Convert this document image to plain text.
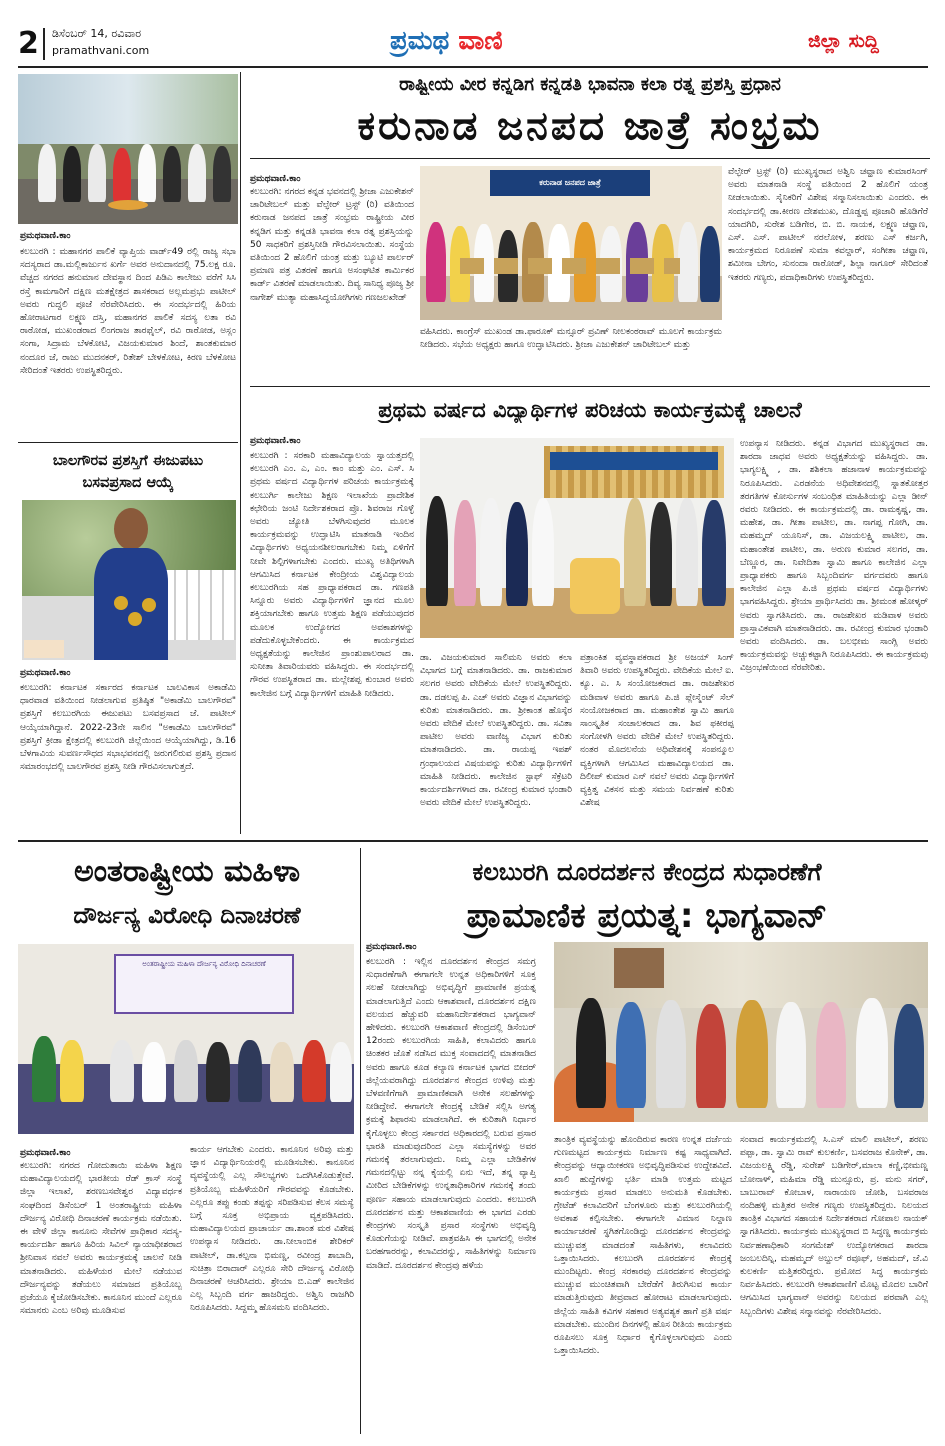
2 ಡಿಸೆಂಬರ್ 14, ರವಿವಾರ
pramathvani.com	ಪ್ರಮಥ ವಾಣಿ	ಜಿಲ್ಲಾ ಸುದ್ದಿ
ಪ್ರಮಥವಾಣಿ.ಕಾಂ
ಕಲಬುರಗಿ : ಮಹಾನಗರ ಪಾಲಿಕೆ ವ್ಯಾಪ್ತಿಯ ವಾರ್ಡ್49 ರಲ್ಲಿ ರಾಜ್ಯ ಸಭಾ ಸದಸ್ಯರಾದ ಡಾ.ಮಲ್ಲಿಕಾರ್ಜುನ ಖರ್ಗೆ ಅವರ ಅನುದಾನದಲ್ಲಿ 75.ಲಕ್ಷ ರೂ. ವೆಚ್ಚದ ನಗರದ ಹನುಮಾನ ದೇವಸ್ಥಾನ ದಿಂದ ಪಿಡಿಎ ಕಾಲೇಜು ವರೆಗೆ ಸಿಸಿ ರಸ್ತೆ ಕಾಮಗಾರಿಗೆ ದಕ್ಷಿಣ ಮತಕ್ಷೇತ್ರದ ಶಾಸಕರಾದ ಅಲ್ಲಮಪ್ರಭು ಪಾಟೀಲ್ ಅವರು ಗುದ್ದಲಿ ಪೂಜೆ ನೆರವೇರಿಸಿದರು. ಈ ಸಂದರ್ಭದಲ್ಲಿ ಹಿರಿಯ ಹೋರಾಟಗಾರ ಲಕ್ಷ್ಮಣ ದಸ್ತಿ, ಮಹಾನಗರ ಪಾಲಿಕೆ ಸದಸ್ಯ ಲತಾ ರವಿ ರಾಠೋಡ, ಮುಖಂಡರಾದ ಲಿಂಗರಾಜ ತಾರಫೈಲ್, ರವಿ ರಾಠೋಡ, ಅಸ್ಲಂ ಸಂಗಾ, ಸಿದ್ರಾಮ ಬೆಳಕೋಟಿ, ವಿಜಯಕುಮಾರ ಶಿಂದೆ, ಶಾಂತಕುಮಾರ ನಂದೂರ ಜೆ, ರಾಜು ಮುದನಕರ್, ರಿತೇಶ್ ಬೇಳಕೋಟ, ಕಿರಣ ಬೆಳಕೋಟ ಸೇರಿದಂತೆ ಇತರರು ಉಪಸ್ಥಿತರಿದ್ದರು.
ಬಾಲಗೌರವ ಪ್ರಶಸ್ತಿಗೆ ಈಜುಪಟು
ಬಸವಪ್ರಸಾದ ಆಯ್ಕೆ
ಪ್ರಮಥವಾಣಿ.ಕಾಂ
ಕಲಬುರಗಿ: ಕರ್ನಾಟಕ ಸರ್ಕಾರದ ಕರ್ನಾಟಕ ಬಾಲವಿಕಾಸ ಅಕಾಡೆಮಿ ಧಾರವಾಡ ವತಿಯಿಂದ ನೀಡಲಾಗುವ ಪ್ರತಿಷ್ಠಿತ "ಅಕಾಡೆಮಿ ಬಾಲಗೌರವ" ಪ್ರಶಸ್ತಿಗೆ ಕಲಬುರಗಿಯ ಈಜುಪಟು ಬಸವಪ್ರಸಾದ ಜೆ. ಪಾಟೀಲ್ ಆಯ್ಕೆಯಾಗಿದ್ದಾನೆ. 2022-23ನೇ ಸಾಲಿನ "ಅಕಾಡೆಮಿ ಬಾಲಗೌರವ" ಪ್ರಶಸ್ತಿಗೆ ಕ್ರೀಡಾ ಕ್ಷೇತ್ರದಲ್ಲಿ ಕಲಬುರಗಿ ಜಿಲ್ಲೆಯಿಂದ ಆಯ್ಕೆಯಾಗಿದ್ದು, ಡಿ.16 ಬೆಳಗಾವಿಯ ಸುವರ್ಣಸೌಧದ ಸಭಾಭವನದಲ್ಲಿ ಜರುಗಲಿರುವ ಪ್ರಶಸ್ತಿ ಪ್ರದಾನ ಸಮಾರಂಭದಲ್ಲಿ ಬಾಲಗೌರವ ಪ್ರಶಸ್ತಿ ನೀಡಿ ಗೌರವಿಸಲಾಗುತ್ತದೆ.
ರಾಷ್ಟ್ರೀಯ ವೀರ ಕನ್ನಡಿಗ ಕನ್ನಡತಿ ಭಾವನಾ ಕಲಾ ರತ್ನ ಪ್ರಶಸ್ತಿ ಪ್ರಧಾನ
ಕರುನಾಡ ಜನಪದ ಜಾತ್ರೆ ಸಂಭ್ರಮ
ಪ್ರಮಥವಾಣಿ.ಕಾಂ
ಕಲಬುರಗಿ: ನಗರದ ಕನ್ನಡ ಭವನದಲ್ಲಿ ಶ್ರೀಜಾ ಎಜುಕೇಶನ್ ಚಾರಿಟೇಬಲ್ ಮತ್ತು ವೆಲ್ಫೇರ್ ಟ್ರಸ್ಟ್ (ರಿ) ವತಿಯಿಂದ ಕರುನಾಡ ಜನಪದ ಜಾತ್ರೆ ಸಂಭ್ರಮ ರಾಷ್ಟ್ರೀಯ ವೀರ ಕನ್ನಡಿಗ ಮತ್ತು ಕನ್ನಡತಿ ಭಾವನಾ ಕಲಾ ರತ್ನ ಪ್ರಶಸ್ತಿಯನ್ನು 50 ಸಾಧಕರಿಗೆ ಪ್ರಶಸ್ತಿನೀಡಿ ಗೌರವಿಸಲಾಯಿತು. ಸಂಸ್ಥೆಯ ವತಿಯಿಂದ 2 ಹೊಲಿಗೆ ಯಂತ್ರ ಮತ್ತು ಬ್ಯೂಟಿ ಪಾರ್ಲರ್ ಪ್ರಮಾಣ ಪತ್ರ ವಿತರಣೆ ಹಾಗೂ ಅಸಂಘಟಿತ ಕಾರ್ಮಿಕರ ಕಾರ್ಡ್ ವಿತರಣೆ ಮಾಡಲಾಯಿತು. ದಿವ್ಯ ಸಾನಿಧ್ಯ ಪೂಜ್ಯ ಶ್ರೀ ನಾಗೇಶ್ ಮುತ್ಯಾ ಮಹಾಸಿದ್ಧಯೋಗಿಗಳು ಗಣಜಲಖೇಡ್
ಕರುನಾಡ ಜನಪದ ಜಾತ್ರೆ
ವಹಿಸಿದರು. ಕಾಂಗ್ರೆಸ್ ಮುಖಂಡ ಡಾ.ಫಾರೂಕ್ ಮನ್ಸೂರ್ ಪ್ರವಿಣ್ ನೀಲಕಂಠರಾವ್ ಮೂಲಗೆ ಕಾರ್ಯಕ್ರಮ ನೀಡಿದರು. ಸಭೆಯ ಅಧ್ಯಕ್ಷರು ಹಾಗೂ ಉದ್ಘಾಟಿಸಿದರು. ಶ್ರೀಜಾ ಎಜುಕೇಶನ್ ಚಾರಿಟೇಬಲ್ ಮತ್ತು
ವೆಲ್ಫೇರ್ ಟ್ರಸ್ಟ್ (ರಿ) ಮುಖ್ಯಸ್ಥರಾದ ಅಶ್ವಿನಿ ಚವ್ಹಾಣ ಕುಮಾರಸಿಂಗ್ ಅವರು ಮಾತನಾಡಿ ಸಂಸ್ಥೆ ವತಿಯಿಂದ 2 ಹೊಲಿಗೆ ಯಂತ್ರ ನೀಡಲಾಯಿತು. ಸೈನಿಕರಿಗೆ ವಿಶೇಷ ಸನ್ಮಾನಿಸಲಾಯಿತು ಎಂದರು. ಈ ಸಂದರ್ಭದಲ್ಲಿ ಡಾ.ಕೀರಣ ದೇಶಮುಖ, ದೊಡ್ಡಪ್ಪ ಪೂಜಾರಿ ಹೊಡಿಗೆರೆ ಯಾದಗಿರಿ, ಸುರೇಶ ಬಡಿಗೇರ, ಬಿ. ಬಿ. ನಾಯಕ, ಲಕ್ಷ್ಮಣ ಚವ್ಹಾಣ, ಎಸ್. ಎಸ್. ಪಾಟೀಲ್ ನರಲೋಳ, ಶರಣು ಎಸ್ ಕರ್ಜಗಿ, ಕಾರ್ಯಕ್ರಮದ ನಿರೂಪಣೆ ಸುಮಾ ಕವಲ್ದಾರ್, ಸಂಗೀತಾ ಚವ್ಹಾಣ, ಶಮೀನಾ ಬೇಗಂ, ಸುನಂದಾ ರಾಠೋಡ್, ಶಿಲ್ಪಾ ನಾಗೂರ್ ಸೇರಿದಂತೆ ಇತರರು ಗಣ್ಯರು, ಪದಾಧಿಕಾರಿಗಳು ಉಪಸ್ಥಿತರಿದ್ದರು.
ಪ್ರಥಮ ವರ್ಷದ ವಿದ್ಯಾರ್ಥಿಗಳ ಪರಿಚಯ ಕಾರ್ಯಕ್ರಮಕ್ಕೆ ಚಾಲನೆ
ಪ್ರಮಥವಾಣಿ.ಕಾಂ
ಕಲಬುರಗಿ : ಸರಕಾರಿ ಮಹಾವಿದ್ಯಾಲಯ ಸ್ವಾಯತ್ತದಲ್ಲಿ ಕಲಬುರಗಿ ಎಂ. ಎ, ಎಂ. ಕಾಂ ಮತ್ತು ಎಂ. ಎಸ್. ಸಿ ಪ್ರಥಮ ವರ್ಷದ ವಿದ್ಯಾರ್ಥಿಗಳ ಪರಿಚಯ ಕಾರ್ಯಕ್ರಮಕ್ಕೆ ಕಲಬುರ್ಗಿ ಕಾಲೇಜು ಶಿಕ್ಷಣ ಇಲಾಖೆಯ ಪ್ರಾದೇಶಿಕ ಕಛೇರಿಯ ಜಂಟಿ ನಿರ್ದೇಶಕರಾದ ಪ್ರೊ. ಶಿವರಾಜ ಗೊಳ್ಳೆ ಅವರು ಜ್ಯೋತಿ ಬೆಳಗಿಸುವುದರ ಮೂಲಕ ಕಾರ್ಯಕ್ರಮವನ್ನು ಉದ್ಘಾಟಿಸಿ ಮಾತನಾಡಿ ಇಂದಿನ ವಿದ್ಯಾರ್ಥಿಗಳು ಅಧ್ಯಯನಶೀಲರಾಗಬೇಕು ನಿಮ್ಮ ಏಳಿಗೆಗೆ ನೀವೇ ಶಿಲ್ಪಿಗಳಾಗಬೇಕು ಎಂದರು. ಮುಖ್ಯ ಅತಿಥಿಗಳಾಗಿ ಆಗಮಿಸಿದ ಕರ್ನಾಟಕ ಕೇಂದ್ರೀಯ ವಿಶ್ವವಿದ್ಯಾಲಯ ಕಲಬುರಗಿಯ ಸಹ ಪ್ರಾಧ್ಯಾಪಕರಾದ ಡಾ. ಗಣಪತಿ ಸಿನ್ನೂರು ಅವರು ವಿದ್ಯಾರ್ಥಿಗಳಿಗೆ ಜ್ಞಾನದ ಮೂಲ ಶಕ್ತಿಯಾಗಬೇಕು ಹಾಗೂ ಉತ್ತಮ ಶಿಕ್ಷಣ ಪಡೆಯುವುದರ ಮೂಲಕ ಉದ್ಯೋಗದ ಅವಕಾಶಗಳನ್ನು ಪಡೆದುಕೊಳ್ಳಬೇಕೆಂದರು. ಈ ಕಾರ್ಯಕ್ರಮದ ಅಧ್ಯಕ್ಷತೆಯನ್ನು ಕಾಲೇಜಿನ ಪ್ರಾಂಶುಪಾಲರಾದ ಡಾ. ಸುನೀತಾ ತಿವಾರಿಯವರು ವಹಿಸಿದ್ದರು. ಈ ಸಂದರ್ಭದಲ್ಲಿ ಗೌರವ ಉಪಸ್ಥಿತರಾದ ಡಾ. ಮಲ್ಲೇಶಪ್ಪ ಕುಂಬಾರ ಅವರು ಕಾಲೇಜಿನ ಬಗ್ಗೆ ವಿದ್ಯಾರ್ಥಿಗಳಿಗೆ ಮಾಹಿತಿ ನೀಡಿದರು.
ಡಾ. ವಿಜಯಕುಮಾರ ಸಾಲಿಮನಿ ಅವರು ಕಲಾ ವಿಭಾಗದ ಬಗ್ಗೆ ಮಾತನಾಡಿದರು. ಡಾ. ರಾಜಕುಮಾರ ಸಲಗರ ಅವರು ವೇದಿಕೆಯ ಮೇಲೆ ಉಪಸ್ಥಿತರಿದ್ದರು. ಡಾ. ದಡಲಪ್ಪ ಪಿ. ಎಚ್ ಅವರು ವಿಜ್ಞಾನ ವಿಭಾಗವನ್ನು ಕುರಿತು ಮಾತನಾಡಿದರು. ಡಾ. ಶ್ರೀಕಾಂತ ಹೊಸ್ಕೆರ ಅವರು ವೇದಿಕೆ ಮೇಲೆ ಉಪಸ್ಥಿತರಿದ್ದರು. ಡಾ. ಸವಿತಾ ಪಾಟೀಲ ಅವರು ವಾಣಿಜ್ಯ ವಿಭಾಗ ಕುರಿತು ಮಾತನಾಡಿದರು. ಡಾ. ರಾಯಪ್ಪ ಇಪಶ್ ಗ್ರಂಥಾಲಯದ ವಿಷಯವನ್ನು ಕುರಿತು ವಿದ್ಯಾರ್ಥಿಗಳಿಗೆ ಮಾಹಿತಿ ನೀಡಿದರು. ಕಾಲೇಜಿನ ಸ್ಟಾಫ್ ಸೆಕ್ರೆಟರಿ ಕಾರ್ಯದರ್ಶಿಗಳಾದ ಡಾ. ರವೀಂದ್ರ ಕುಮಾರ ಭಂಡಾರಿ ಅವರು ವೇದಿಕೆ ಮೇಲೆ ಉಪಸ್ಥಿತರಿದ್ದರು.
ಪತ್ರಾಂಕಿತ ವ್ಯವಸ್ಥಾಪಕರಾದ ಶ್ರೀ ಅಜಯ್ ಸಿಂಗ್ ತಿವಾರಿ ಅವರು ಉಪಸ್ಥಿತರಿದ್ದರು. ವೇದಿಕೆಯ ಮೇಲೆ ಐ. ಕ್ಯೂ. ಎ. ಸಿ ಸಂಯೋಜಕರಾದ ಡಾ. ರಾಜಶೇಖರ ಮಡಿವಾಳ ಅವರು ಹಾಗೂ ಪಿ.ಜಿ ಪ್ಲೇಸ್ಮೆಂಟ್ ಸೆಲ್ ಸಂಯೋಜಕರಾದ ಡಾ. ಮಹಾಂತೇಶ ಸ್ವಾಮಿ ಹಾಗೂ ಸಾಂಸ್ಕೃತಿಕ ಸಂಚಾಲಕರಾದ ಡಾ. ಶಿವ ಫಕೀರಪ್ಪ ಸಂಗೋಳಗಿ ಅವರು ವೇದಿಕೆ ಮೇಲೆ ಉಪಸ್ಥಿತರಿದ್ದರು. ನಂತರ ಮೊದಲನೆಯ ಅಧಿವೇಶನಕ್ಕೆ ಸಂಪನ್ಮೂಲ ವ್ಯಕ್ತಿಗಳಾಗಿ ಆಗಮಿಸಿದ ಮಹಾವಿದ್ಯಾಲಯದ ಡಾ. ದಿಲೀಪ್ ಕುಮಾರ ಎನ್ ನವಲೆ ಅವರು ವಿದ್ಯಾರ್ಥಿಗಳಿಗೆ ವ್ಯಕ್ತಿತ್ವ ವಿಕಸನ ಮತ್ತು ಸಮಯ ನಿರ್ವಹಣೆ ಕುರಿತು ವಿಶೇಷ
ಉಪನ್ಯಾಸ ನೀಡಿದರು. ಕನ್ನಡ ವಿಭಾಗದ ಮುಖ್ಯಸ್ಥರಾದ ಡಾ. ಶಾರದಾ ಜಾಧವ ಅವರು ಅಧ್ಯಕ್ಷತೆಯನ್ನು ವಹಿಸಿದ್ದರು. ಡಾ. ಭಾಗ್ಯಲಕ್ಷ್ಮಿ , ಡಾ. ಶಶಿಕಲಾ ಹಜಾನಾಳ ಕಾರ್ಯಕ್ರಮವನ್ನು ನಿರೂಪಿಸಿದರು. ಎರಡನೆಯ ಅಧಿವೇಶನದಲ್ಲಿ ಸ್ನಾತಕೋತ್ತರ ತರಗತಿಗಳ ಕೋರ್ಸುಗಳ ಸಂಬಂಧಿತ ಮಾಹಿತಿಯನ್ನು ಎಲ್ಲಾ ಡೀನ್ ರವರು ನೀಡಿದರು. ಈ ಕಾರ್ಯಕ್ರಮದಲ್ಲಿ ಡಾ. ರಾಮಕೃಷ್ಣ, ಡಾ. ಮಹೇಶ, ಡಾ. ಗೀತಾ ಪಾಟೀಲ, ಡಾ. ನಾಗಪ್ಪ ಗೋಗಿ, ಡಾ. ಮಹಮ್ಮದ್ ಯೂನಿಸ್, ಡಾ. ವಿಜಯಲಕ್ಷ್ಮಿ ಪಾಟೀಲ, ಡಾ. ಮಹಾಂತೇಶ ಪಾಟೀಲ, ಡಾ. ಅರುಣ ಕುಮಾರ ಸಲಗರ, ಡಾ. ಬೆಣ್ಣೂರ, ಡಾ. ನಿವೇದಿತಾ ಸ್ವಾಮಿ ಹಾಗೂ ಕಾಲೇಜಿನ ಎಲ್ಲಾ ಪ್ರಾಧ್ಯಾಪಕರು ಹಾಗೂ ಸಿಬ್ಬಂದಿವರ್ಗ ವರ್ಗದವರು ಹಾಗೂ ಕಾಲೇಜಿನ ಎಲ್ಲಾ ಪಿ.ಜಿ ಪ್ರಥಮ ವರ್ಷದ ವಿದ್ಯಾರ್ಥಿಗಳು ಭಾಗವಹಿಸಿದ್ದರು. ಶ್ರೇಯಾ ಪ್ರಾರ್ಥಿಸಿದರು ಡಾ. ಶ್ರೀಮಂತ ಹೋಳ್ಕರ್ ಅವರು ಸ್ವಾಗತಿಸಿದರು. ಡಾ. ರಾಜಶೇಖರ ಮಡಿವಾಳ ಅವರು ಪ್ರಾಸ್ತಾವಿಕವಾಗಿ ಮಾತನಾಡಿದರು. ಡಾ. ರವೀಂದ್ರ ಕುಮಾರ ಭಂಡಾರಿ ಅವರು ವಂದಿಸಿದರು. ಡಾ. ಬಲಭೀಮ ಸಾಂಗ್ಲಿ ಅವರು ಕಾರ್ಯಕ್ರಮವನ್ನು ಅಚ್ಚುಕಟ್ಟಾಗಿ ನಿರೂಪಿಸಿದರು. ಈ ಕಾರ್ಯಕ್ರಮವು ವಿಜ್ರಂಭಣೆಯಿಂದ ನೆರವೇರಿತು.
ಅಂತರಾಷ್ಟ್ರೀಯ ಮಹಿಳಾ
ದೌರ್ಜನ್ಯ ವಿರೋಧಿ ದಿನಾಚರಣೆ
ಅಂತರಾಷ್ಟ್ರೀಯ ಮಹಿಳಾ ದೌರ್ಜನ್ಯ ವಿರೋಧಿ ದಿನಾಚರಣೆ
ಪ್ರಮಥವಾಣಿ.ಕಾಂ
ಕಲಬುರಗಿ: ನಗರದ ಗೋದುತಾಯಿ ಮಹಿಳಾ ಶಿಕ್ಷಣ ಮಹಾವಿದ್ಯಾಲಯದಲ್ಲಿ ಭಾರತೀಯ ರೆಡ್ ಕ್ರಾಸ್ ಸಂಸ್ಥೆ ಜಿಲ್ಲಾ ಇಲಾಖೆ, ಶರಣಬಸವೇಶ್ವರ ವಿದ್ಯಾವರ್ಧಕ ಸಂಘದಿಂದ ಡಿಸೆಂಬರ್ 1 ಅಂತರಾಷ್ಟ್ರೀಯ ಮಹಿಳಾ ದೌರ್ಜನ್ಯ ವಿರೋಧಿ ದಿನಾಚರಣೆ ಕಾರ್ಯಕ್ರಮ ನಡೆಯಿತು. ಈ ವೇಳೆ ಜಿಲ್ಲಾ ಕಾನೂನು ಸೇವೆಗಳ ಪ್ರಾಧಿಕಾರ ಸದಸ್ಯ-ಕಾರ್ಯದರ್ಶಿ ಹಾಗೂ ಹಿರಿಯ ಸಿವಿಲ್ ನ್ಯಾಯಾಧೀಶರಾದ ಶ್ರೀನಿವಾಸ ನವಲೆ ಅವರು ಕಾರ್ಯಕ್ರಮಕ್ಕೆ ಚಾಲನೆ ನೀಡಿ ಮಾತನಾಡಿದರು. ಮಹಿಳೆಯರ ಮೇಲೆ ನಡೆಯುವ ದೌರ್ಜನ್ಯವನ್ನು ತಡೆಯಲು ಸಮಾಜದ ಪ್ರತಿಯೊಬ್ಬ ಪ್ರಜೆಯೂ ಕೈಜೋಡಿಸಬೇಕು. ಕಾನೂನಿನ ಮುಂದೆ ಎಲ್ಲರೂ ಸಮಾನರು ಎಂಬ ಅರಿವು ಮೂಡಿಸುವ
ಕಾರ್ಯ ಆಗಬೇಕು ಎಂದರು. ಕಾನೂನಿನ ಅರಿವು ಮತ್ತು ಜ್ಞಾನ ವಿದ್ಯಾರ್ಥಿನಿಯರಲ್ಲಿ ಮೂಡಿಸಬೇಕು. ಕಾನೂನಿನ ವ್ಯವಸ್ಥೆಯಲ್ಲಿ ಎಲ್ಲ ಸೌಲಭ್ಯಗಳು ಒದಗಿಸಿಕೊಡುತ್ತೇವೆ. ಪ್ರತಿಯೊಬ್ಬ ಮಹಿಳೆಯರಿಗೆ ಗೌರವವನ್ನು ಕೊಡಬೇಕು. ಎಲ್ಲರೂ ತಪ್ಪು ಕಂಡು ತಪ್ಪನ್ನು ಸರಿಪಡಿಸುವ ಕೆಲಸ ಸಮಸ್ಯೆ ಬಗ್ಗೆ ಸೂಕ್ತ ಅಭಿಪ್ರಾಯ ವ್ಯಕ್ತಪಡಿಸಿದರು. ಮಹಾವಿದ್ಯಾಲಯದ ಪ್ರಾಚಾರ್ಯ ಡಾ.ಶಾಂತ ಮಠ ವಿಶೇಷ ಉಪನ್ಯಾಸ ನೀಡಿದರು. ಡಾ.ನೀಲಾಂಬಿಕ ಶೇರಿಕರ್ ಪಾಟೀಲ್, ಡಾ.ಕಲ್ಪನಾ ಭಿಮಣ್ಣ, ರವೀಂದ್ರ ಶಾಬಾದಿ, ಸುಚಿತ್ರಾ ಬಿರಾದಾರ್ ಎಲ್ಲರೂ ಸೇರಿ ದೌರ್ಜನ್ಯ ವಿರೋಧಿ ದಿನಾಚರಣೆ ಆಚರಿಸಿದರು. ಶ್ರೇಯಾ ಬಿ.ಎಡ್ ಕಾಲೇಜಿನ ಎಲ್ಲ ಸಿಬ್ಬಂದಿ ವರ್ಗ ಹಾಜರಿದ್ದರು. ಅಶ್ವಿನಿ ರಾಜಗಿರಿ ನಿರೂಪಿಸಿದರು. ಸಿದ್ದಮ್ಮ ಹೊಸಮನಿ ವಂದಿಸಿದರು.
ಕಲಬುರಗಿ ದೂರದರ್ಶನ ಕೇಂದ್ರದ ಸುಧಾರಣೆಗೆ
ಪ್ರಾಮಾಣಿಕ ಪ್ರಯತ್ನ: ಭಾಗ್ಯವಾನ್
ಪ್ರಮಥವಾಣಿ.ಕಾಂ
ಕಲಬುರಗಿ : ಇಲ್ಲಿನ ದೂರದರ್ಶನ ಕೇಂದ್ರದ ಸಮಗ್ರ ಸುಧಾರಣೆಗಾಗಿ ಈಗಾಗಲೇ ಉನ್ನತ ಅಧಿಕಾರಿಗಳಿಗೆ ಸೂಕ್ತ ಸಲಹೆ ನೀಡಲಾಗಿದ್ದು ಅಭಿವೃದ್ಧಿಗೆ ಪ್ರಾಮಾಣಿಕ ಪ್ರಯತ್ನ ಮಾಡಲಾಗುತ್ತಿದೆ ಎಂದು ಆಕಾಶವಾಣಿ, ದೂರದರ್ಶನ ದಕ್ಷಿಣ ವಲಯದ ಹೆಚ್ಚುವರಿ ಮಹಾನಿರ್ದೇಶಕರಾದ ಭಾಗ್ಯವಾನ್ ಹೇಳಿದರು. ಕಲಬುರಗಿ ಆಕಾಶವಾಣಿ ಕೇಂದ್ರದಲ್ಲಿ ಡಿಸೆಂಬರ್ 12ರಂದು ಕಲಬುರಗಿಯ ಸಾಹಿತಿ, ಕಲಾವಿದರು ಹಾಗೂ ಚಿಂತಕರ ಜೊತೆ ನಡೆಸಿದ ಮುಕ್ತ ಸಂವಾದದಲ್ಲಿ ಮಾತನಾಡಿದ ಅವರು ಹಾಗೂ ಕೂಡ ಕಲ್ಯಾಣ ಕರ್ನಾಟಕ ಭಾಗದ ಬೀದರ್ ಜಿಲ್ಲೆಯವರಾಗಿದ್ದು ದೂರದರ್ಶನ ಕೇಂದ್ರದ ಉಳಿವು ಮತ್ತು ಬೆಳವಣಿಗೆಗಾಗಿ ಪ್ರಾಮಾಣಿಕವಾಗಿ ಅನೇಕ ಸಲಹೆಗಳನ್ನು ನೀಡಿದ್ದೇನೆ. ಈಗಾಗಲೇ ಕೇಂದ್ರಕ್ಕೆ ಬೇಡಿಕೆ ಸಲ್ಲಿಸಿ ಅಗತ್ಯ ಕ್ರಮಕ್ಕೆ ಶಿಫಾರಸು ಮಾಡಲಾಗಿದೆ. ಈ ಕುರಿತಾಗಿ ನಿರ್ಧಾರ ಕೈಗೊಳ್ಳಲು ಕೇಂದ್ರ ಸರ್ಕಾರದ ಅಧಿಕಾರದಲ್ಲಿ ಬರುವ ಪ್ರಸಾರ ಭಾರತಿ ಮಾಡುವುದರಿಂದ ಎಲ್ಲಾ ಸಮಸ್ಯೆಗಳನ್ನು ಅವರ ಗಮನಕ್ಕೆ ತರಲಾಗುವುದು. ನಿಮ್ಮ ಎಲ್ಲಾ ಬೇಡಿಕೆಗಳ ಗಮನದಲ್ಲಿಟ್ಟು ನನ್ನ ಕೈಯಲ್ಲಿ ಏನು ಇದೆ, ತನ್ನ ವ್ಯಾಪ್ತಿ ಮೀರಿದ ಬೇಡಿಕೆಗಳನ್ನು ಉನ್ನತಾಧಿಕಾರಿಗಳ ಗಮನಕ್ಕೆ ತಂದು ಪೂರ್ಣ ಸಹಾಯ ಮಾಡಲಾಗುವುದು ಎಂದರು. ಕಲಬುರಗಿ ದೂರದರ್ಶನ ಮತ್ತು ಆಕಾಶವಾಣಿಯ ಈ ಭಾಗದ ಎರಡು ಕೇಂದ್ರಗಳು ಸಂಸ್ಕೃತಿ ಪ್ರಸಾರ ಸಂಸ್ಥೆಗಳು ಅಭಿವೃದ್ಧಿ ಕೊಡುಗೆಯನ್ನು ನೀಡಿವೆ. ಪಾತ್ರವಹಿಸಿ ಈ ಭಾಗದಲ್ಲಿ ಅನೇಕ ಬರಹಗಾರರನ್ನು, ಕಲಾವಿದರನ್ನು, ಸಾಹಿತಿಗಳನ್ನು ನಿರ್ಮಾಣ ಮಾಡಿದೆ. ದೂರದರ್ಶನ ಕೇಂದ್ರವು ಹಳೆಯ
ತಾಂತ್ರಿಕ ವ್ಯವಸ್ಥೆಯನ್ನು ಹೊಂದಿರುವ ಕಾರಣ ಉನ್ನತ ದರ್ಜೆಯ ಗುಣಮಟ್ಟದ ಕಾರ್ಯಕ್ರಮ ನಿರ್ಮಾಣ ಕಷ್ಟ ಸಾಧ್ಯವಾಗಿದೆ. ಕೇಂದ್ರವನ್ನು ಆಧ್ಯಾಯೀಕರಣ ಅಭಿವೃದ್ಧಿಪಡಿಸುವ ಉದ್ದೇಶವಿದೆ. ಖಾಲಿ ಹುದ್ದೆಗಳನ್ನು ಭರ್ತಿ ಮಾಡಿ ಉತ್ತಮ ಮಟ್ಟದ ಕಾರ್ಯಕ್ರಮ ಪ್ರಸಾರ ಮಾಡಲು ಅನುಮತಿ ಕೊಡಬೇಕು. ಗ್ರೇಟೆಡ್ ಕಲಾವಿದರಿಗೆ ಬೆಂಗಳೂರು ಮತ್ತು ಕಲಬುರಗಿಯಲ್ಲಿ ಅವಕಾಶ ಕಲ್ಪಿಸಬೇಕು. ಈಗಾಗಲೇ ವಿಮಾನ ನಿಲ್ದಾಣ ಕಾರ್ಯಾಚರಣೆ ಸ್ಥಗಿತಗೊಂಡಿದ್ದು ದೂರದರ್ಶನ ಕೇಂದ್ರವನ್ನು ಮುಚ್ಚುವತ್ತ ಮಾಡದಂತೆ ಸಾಹಿತಿಗಳು, ಕಲಾವಿದರು ಒತ್ತಾಯಿಸಿದರು. ಕಲಬುರಗಿ ದೂರದರ್ಶನ ಕೇಂದ್ರಕ್ಕೆ ಮುಂದಿಟ್ಟರು. ಕೇಂದ್ರ ಸರಕಾರವು ದೂರದರ್ಶನ ಕೇಂದ್ರವನ್ನು ಮುಚ್ಚುವ ಮುಂಚಿತವಾಗಿ ಬೇರೆಡೆಗೆ ತಿರುಗಿಸುವ ಕಾರ್ಯ ಮಾಡುತ್ತಿರುವುದು ತೀವ್ರವಾದ ಹೋರಾಟ ಮಾಡಲಾಗುವುದು. ಜಿಲ್ಲೆಯ ಸಾಹಿತಿ ಕವಿಗಳ ಸಹಕಾರ ಅತ್ಯವಶ್ಯಕ ಹಾಗೆ ಪ್ರತಿ ವರ್ಷ ಮಾಡಬೇಕು. ಮುಂದಿನ ದಿನಗಳಲ್ಲಿ ಹೊಸ ರೀತಿಯ ಕಾರ್ಯಕ್ರಮ ರೂಪಿಸಲು ಸೂಕ್ತ ನಿರ್ಧಾರ ಕೈಗೊಳ್ಳಲಾಗುವುದು ಎಂದು ಒತ್ತಾಯಿಸಿದರು.
ಸಂವಾದ ಕಾರ್ಯಕ್ರಮದಲ್ಲಿ ಸಿ.ಎಸ್ ಮಾಲಿ ಪಾಟೀಲ್, ಶರಣು ಪಪ್ಪಾ, ಡಾ. ಸ್ವಾಮಿ ರಾವ್ ಕುಲಕರ್ಣಿ, ಬಸವರಾಜ ಕೊನೇಕ್, ಡಾ. ವಿಜಯಲಕ್ಷ್ಮಿ ರೆಡ್ಡಿ, ಸುರೇಶ್ ಬಡಿಗೇರ್,ಮಾಲಾ ಕಣ್ಣಿ,ಭೀಮಣ್ಣ ಬೋನಾಳ್, ಮಹಿಮಾ ರೆಡ್ಡಿ ಮುನ್ಸೂರು, ಪ್ರ. ಮನು ಸಗರ್, ಬಾಬುರಾವ್ ಕೋಬಾಳ, ನಾರಾಯಣ ಜೋಶಿ, ಬಸವರಾಜ ನಂದಿಹಳ್ಳಿ ಮತ್ತಿತರ ಅನೇಕ ಗಣ್ಯರು ಉಪಸ್ಥಿತರಿದ್ದರು. ನಿಲಯದ ತಾಂತ್ರಿಕ ವಿಭಾಗದ ಸಹಾಯಕ ನಿರ್ದೇಶಕರಾದ ಗೋಪಾಲ ನಾಯಕ್ ಸ್ವಾಗತಿಸಿದರು. ಕಾರ್ಯಕ್ರಮ ಮುಖ್ಯಸ್ಥರಾದ ಬಿ ಸಿದ್ಧಣ್ಣ ಕಾರ್ಯಕ್ರಮ ನಿರ್ವಹಣಾಧಿಕಾರಿ ಸಂಗಮೇಶ್ ಉದ್ಯೋಗಕರಾದ ಶಾರದಾ ಜಂಬಲದಿನ್ನಿ, ಮಹಮ್ಮದ್ ಅಬ್ದುಲ್ ರವೂಫ್, ಅಹಮದ್, ಜೆ.ವಿ ಕುಲಕರ್ಣಿ ಮತ್ತಿತರರಿದ್ದರು. ಪ್ರಮೋದ ಸಿದ್ಧ ಕಾರ್ಯಕ್ರಮ ನಿರ್ವಹಿಸಿದರು. ಕಲಬುರಗಿ ಆಕಾಶವಾಣಿಗೆ ಮೊಟ್ಟ ಮೊದಲ ಬಾರಿಗೆ ಆಗಮಿಸಿದ ಭಾಗ್ಯವಾನ್ ಅವರನ್ನು ನಿಲಯದ ಪರವಾಗಿ ಎಲ್ಲ ಸಿಬ್ಬಂದಿಗಳು ವಿಶೇಷ ಸನ್ಮಾನವನ್ನು ನೆರವೇರಿಸಿದರು.
